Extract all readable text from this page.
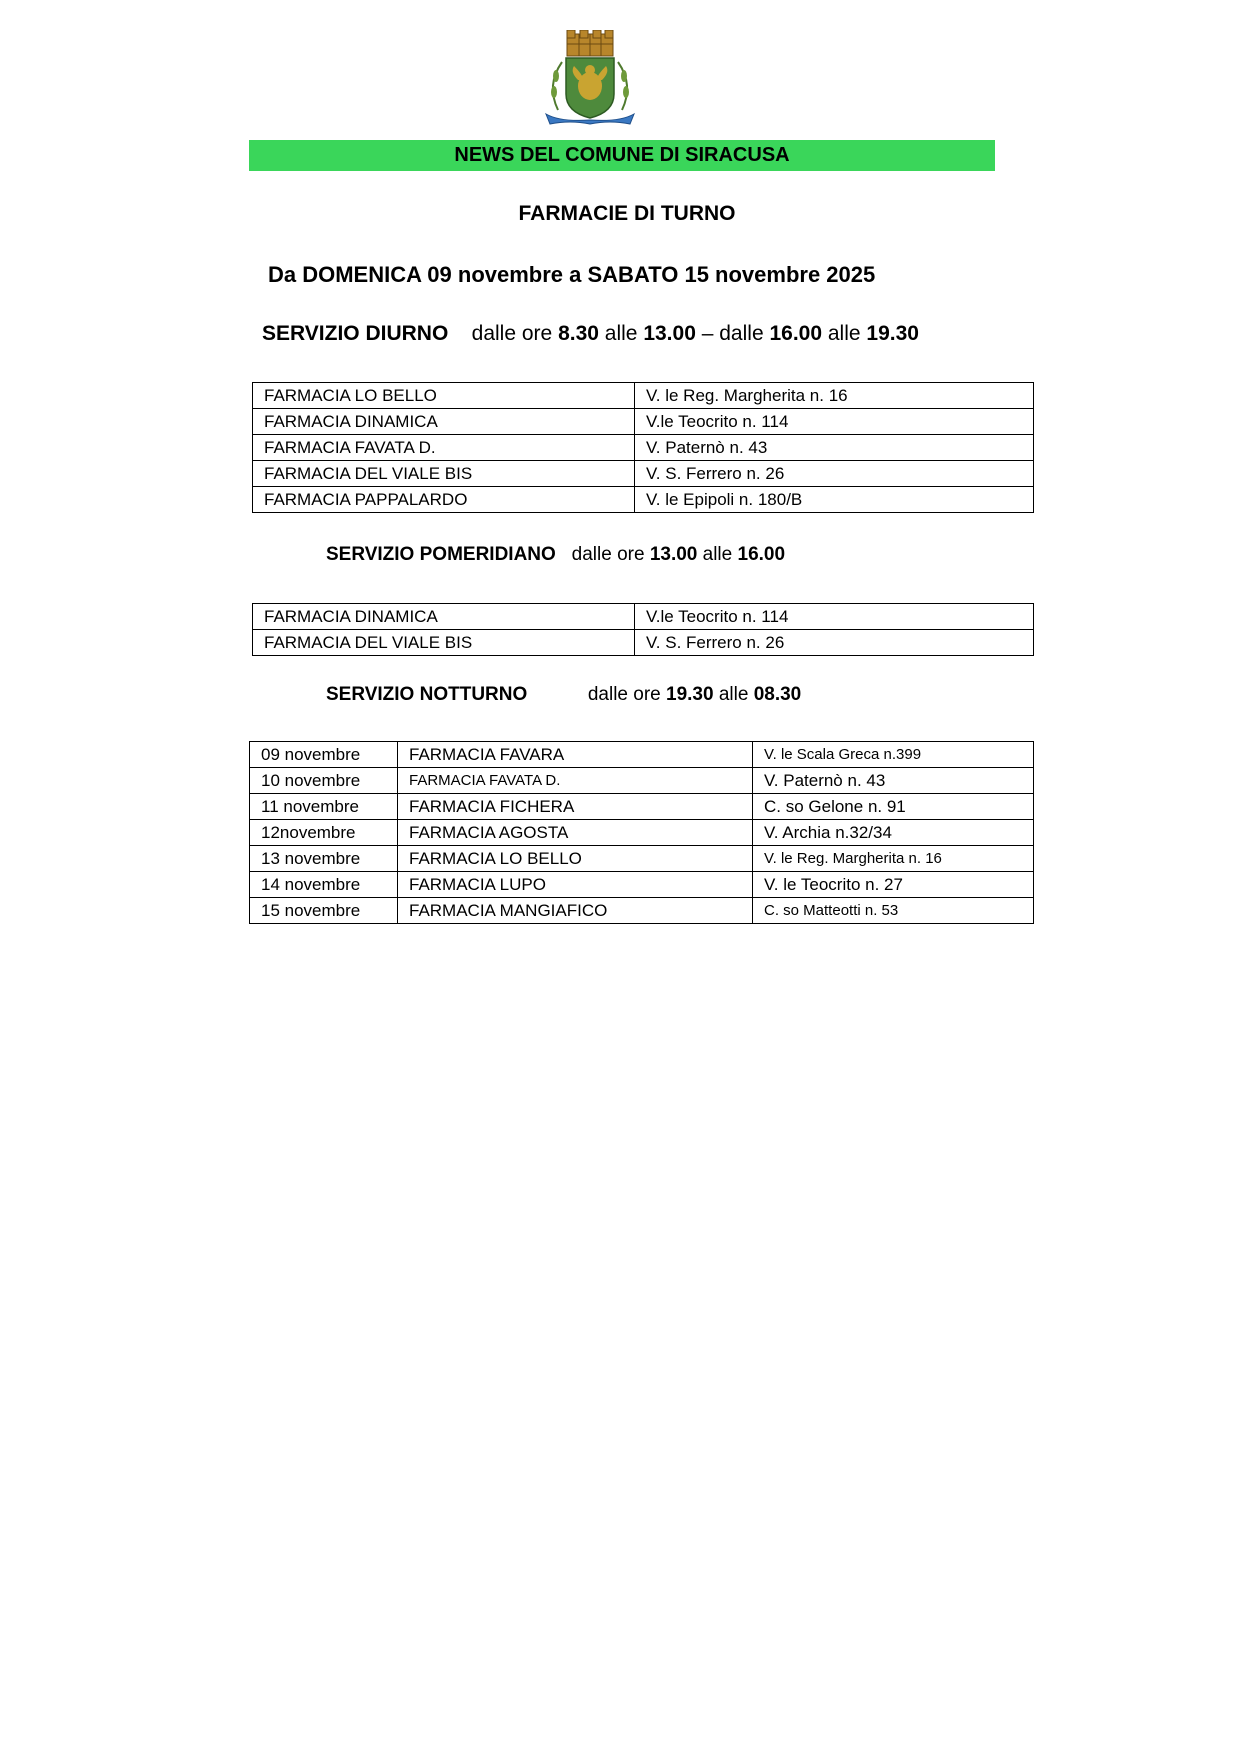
NEWS DEL COMUNE DI SIRACUSA
FARMACIE DI TURNO
Da DOMENICA 09 novembre a SABATO 15 novembre 2025
SERVIZIO DIURNO dalle ore 8.30 alle 13.00 – dalle 16.00 alle 19.30
FARMACIA LO BELLO	V. le Reg. Margherita n. 16
FARMACIA DINAMICA	V.le Teocrito n. 114
FARMACIA FAVATA D.	V. Paternò n. 43
FARMACIA DEL VIALE BIS	V. S. Ferrero n. 26
FARMACIA PAPPALARDO	V. le Epipoli n. 180/B
SERVIZIO POMERIDIANO dalle ore 13.00 alle 16.00
FARMACIA DINAMICA	V.le Teocrito n. 114
FARMACIA DEL VIALE BIS	V. S. Ferrero n. 26
SERVIZIO NOTTURNO	dalle ore 19.30 alle 08.30
09 novembre	FARMACIA FAVARA	V. le Scala Greca n.399
10 novembre	FARMACIA FAVATA D.	V. Paternò n. 43
11 novembre	FARMACIA FICHERA	C. so Gelone n. 91
12novembre	FARMACIA AGOSTA	V. Archia n.32/34
13 novembre	FARMACIA LO BELLO	V. le Reg. Margherita n. 16
14 novembre	FARMACIA LUPO	V. le Teocrito n. 27
15 novembre	FARMACIA MANGIAFICO	C. so Matteotti n. 53
